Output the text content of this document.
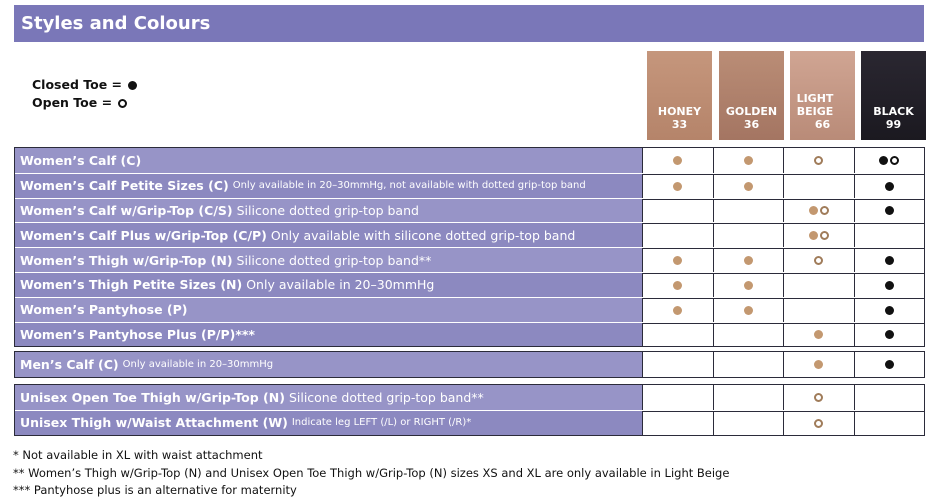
Styles and Colours
Closed Toe =
Open Toe =
HONEY
33
GOLDEN
36
LIGHT BEIGE
66
BLACK
99
Women’s Calf (C)
Women’s Calf Petite Sizes (C) Only available in 20–30mmHg, not available with dotted grip-top band
Women’s Calf w/Grip-Top (C/S) Silicone dotted grip-top band
Women’s Calf Plus w/Grip-Top (C/P) Only available with silicone dotted grip-top band
Women’s Thigh w/Grip-Top (N) Silicone dotted grip-top band**
Women’s Thigh Petite Sizes (N) Only available in 20–30mmHg
Women’s Pantyhose (P)
Women’s Pantyhose Plus (P/P)***
Men’s Calf (C) Only available in 20–30mmHg
Unisex Open Toe Thigh w/Grip-Top (N) Silicone dotted grip-top band**
Unisex Thigh w/Waist Attachment (W) Indicate leg LEFT (/L) or RIGHT (/R)*
* Not available in XL with waist attachment
** Women’s Thigh w/Grip-Top (N) and Unisex Open Toe Thigh w/Grip-Top (N) sizes XS and XL are only available in Light Beige
*** Pantyhose plus is an alternative for maternity
